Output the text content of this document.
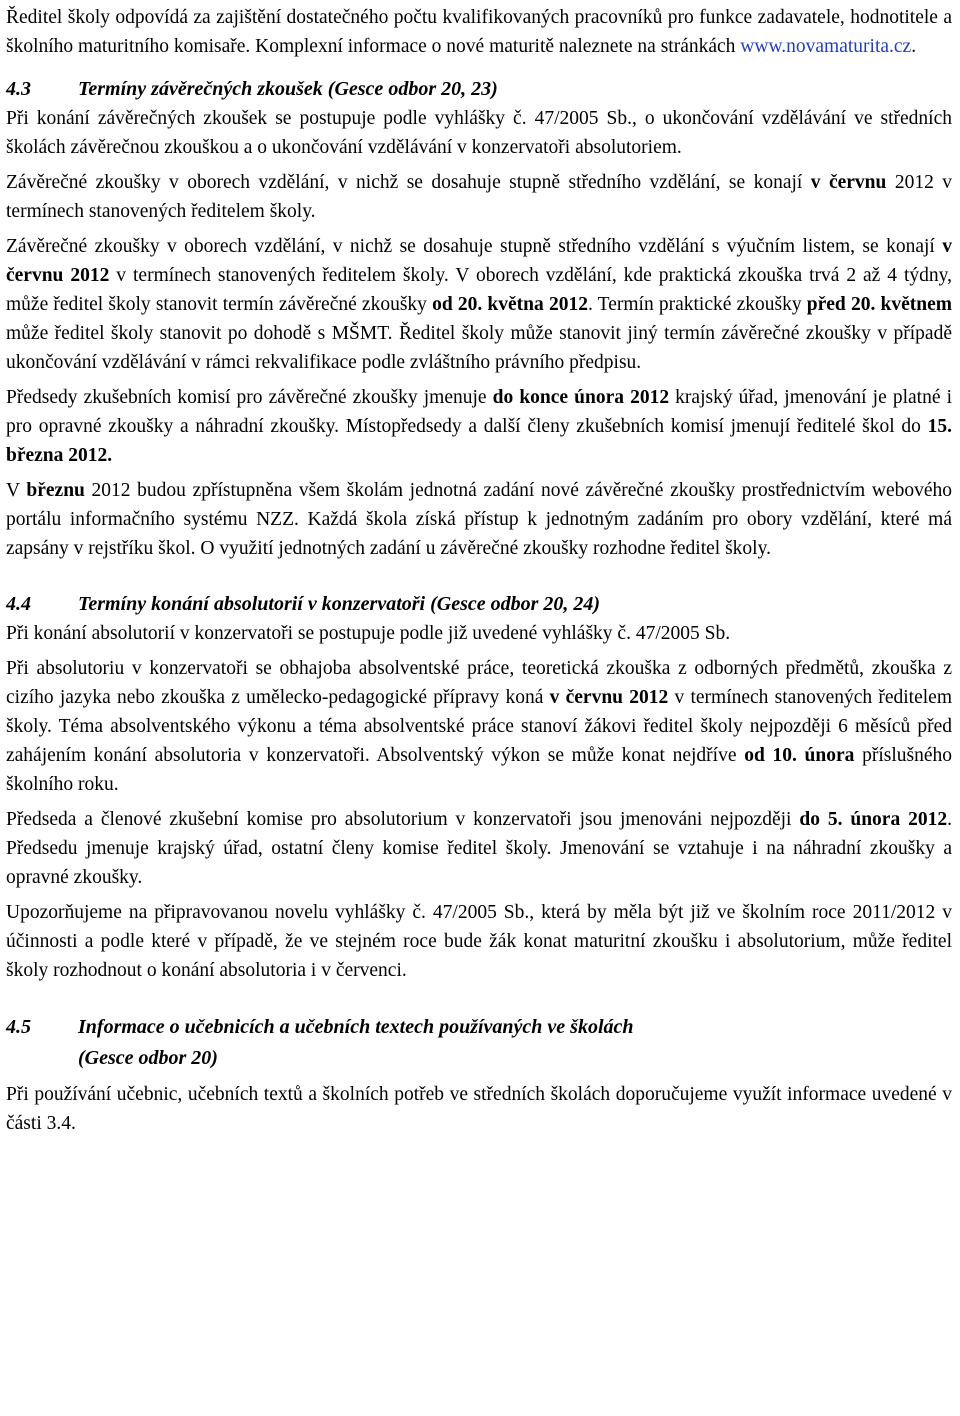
Ředitel školy odpovídá za zajištění dostatečného počtu kvalifikovaných pracovníků pro funkce zadavatele, hodnotitele a školního maturitního komisaře. Komplexní informace o nové maturitě naleznete na stránkách www.novamaturita.cz.

4.3	Termíny závěrečných zkoušek (Gesce odbor 20, 23)

Při konání závěrečných zkoušek se postupuje podle vyhlášky č. 47/2005 Sb., o ukončování vzdělávání ve středních školách závěrečnou zkouškou a o ukončování vzdělávání v konzervatoři absolutoriem.

Závěrečné zkoušky v oborech vzdělání, v nichž se dosahuje stupně středního vzdělání, se konají v červnu 2012 v termínech stanovených ředitelem školy.

Závěrečné zkoušky v oborech vzdělání, v nichž se dosahuje stupně středního vzdělání s výučním listem, se konají v červnu 2012 v termínech stanovených ředitelem školy. V oborech vzdělání, kde praktická zkouška trvá 2 až 4 týdny, může ředitel školy stanovit termín závěrečné zkoušky od 20. května 2012. Termín praktické zkoušky před 20. květnem může ředitel školy stanovit po dohodě s MŠMT. Ředitel školy může stanovit jiný termín závěrečné zkoušky v případě ukončování vzdělávání v rámci rekvalifikace podle zvláštního právního předpisu.

Předsedy zkušebních komisí pro závěrečné zkoušky jmenuje do konce února 2012 krajský úřad, jmenování je platné i pro opravné zkoušky a náhradní zkoušky. Místopředsedy a další členy zkušebních komisí jmenují ředitelé škol do 15. března 2012.

V březnu 2012 budou zpřístupněna všem školám jednotná zadání nové závěrečné zkoušky prostřednictvím webového portálu informačního systému NZZ. Každá škola získá přístup k jednotným zadáním pro obory vzdělání, které má zapsány v rejstříku škol. O využití jednotných zadání u závěrečné zkoušky rozhodne ředitel školy.

4.4	Termíny konání absolutorií v konzervatoři (Gesce odbor 20, 24)

Při konání absolutorií v konzervatoři se postupuje podle již uvedené vyhlášky č. 47/2005 Sb.

Při absolutoriu v konzervatoři se obhajoba absolventské práce, teoretická zkouška z odborných předmětů, zkouška z cizího jazyka nebo zkouška z umělecko-pedagogické přípravy koná v červnu 2012 v termínech stanovených ředitelem školy. Téma absolventského výkonu a téma absolventské práce stanoví žákovi ředitel školy nejpozději 6 měsíců před zahájením konání absolutoria v konzervatoři. Absolventský výkon se může konat nejdříve od 10. února příslušného školního roku.

Předseda a členové zkušební komise pro absolutorium v konzervatoři jsou jmenováni nejpozději do 5. února 2012. Předsedu jmenuje krajský úřad, ostatní členy komise ředitel školy. Jmenování se vztahuje i na náhradní zkoušky a opravné zkoušky.

Upozorňujeme na připravovanou novelu vyhlášky č. 47/2005 Sb., která by měla být již ve školním roce 2011/2012 v účinnosti a podle které v případě, že ve stejném roce bude žák konat maturitní zkoušku i absolutorium, může ředitel školy rozhodnout o konání absolutoria i v červenci.

4.5	Informace o učebnicích a učebních textech používaných ve školách
(Gesce odbor 20)

Při používání učebnic, učebních textů a školních potřeb ve středních školách doporučujeme využít informace uvedené v části 3.4.
